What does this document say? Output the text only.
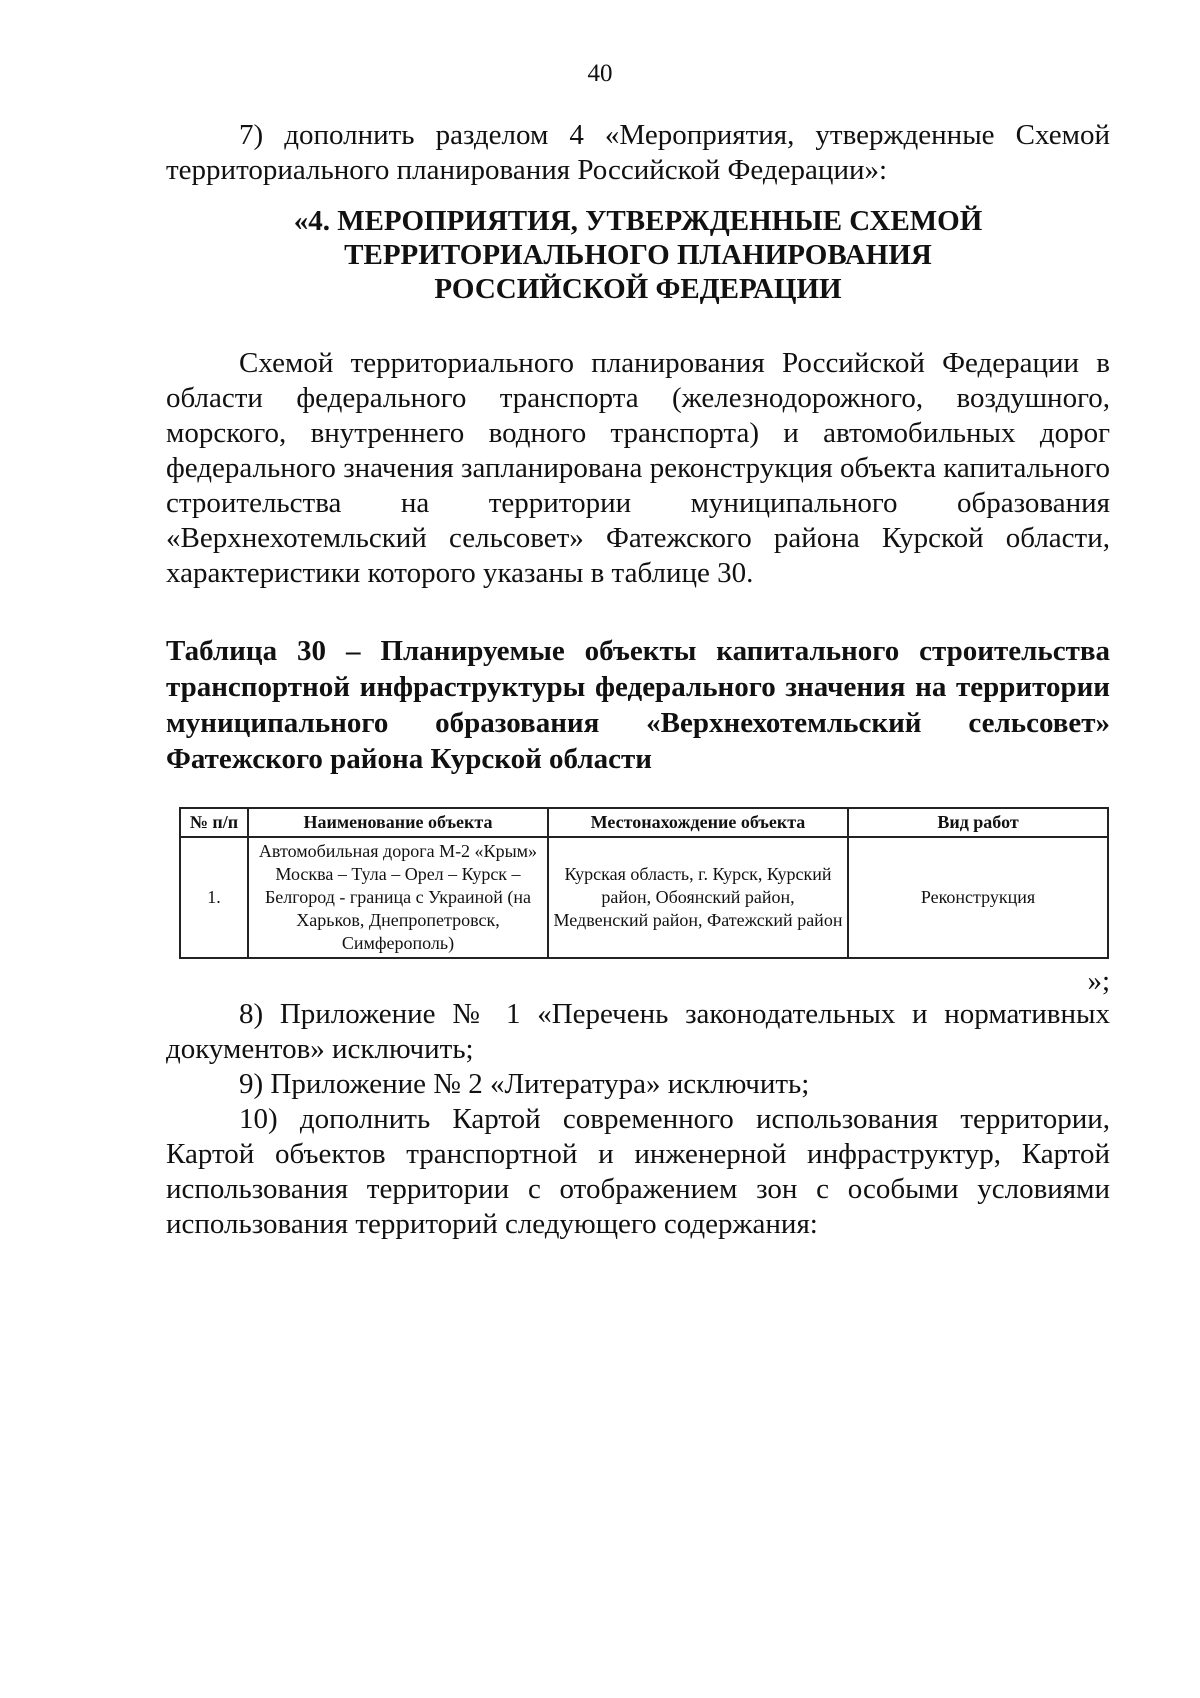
40

7) дополнить разделом 4 «Мероприятия, утвержденные Схемой территориального планирования Российской Федерации»:

«4. МЕРОПРИЯТИЯ, УТВЕРЖДЕННЫЕ СХЕМОЙ
ТЕРРИТОРИАЛЬНОГО ПЛАНИРОВАНИЯ
РОССИЙСКОЙ ФЕДЕРАЦИИ

Схемой территориального планирования Российской Федерации в области федерального транспорта (железнодорожного, воздушного, морского, внутреннего водного транспорта) и автомобильных дорог федерального значения запланирована реконструкция объекта капитального строительства на территории муниципального образования «Верхнехотемльский сельсовет» Фатежского района Курской области, характеристики которого указаны в таблице 30.

Таблица 30 – Планируемые объекты капитального строительства транспортной инфраструктуры федерального значения на территории муниципального образования «Верхнехотемльский сельсовет» Фатежского района Курской области

№ п/п	Наименование объекта	Местонахождение объекта	Вид работ
1.	Автомобильная дорога М-2 «Крым» Москва – Тула – Орел – Курск – Белгород - граница с Украиной (на Харьков, Днепропетровск, Симферополь)	Курская область, г. Курск, Курский район, Обоянский район, Медвенский район, Фатежский район	Реконструкция
»;

8) Приложение № 1 «Перечень законодательных и нормативных документов» исключить;

9) Приложение № 2 «Литература» исключить;

10) дополнить Картой современного использования территории, Картой объектов транспортной и инженерной инфраструктур, Картой использования территории с отображением зон с особыми условиями использования территорий следующего содержания:
